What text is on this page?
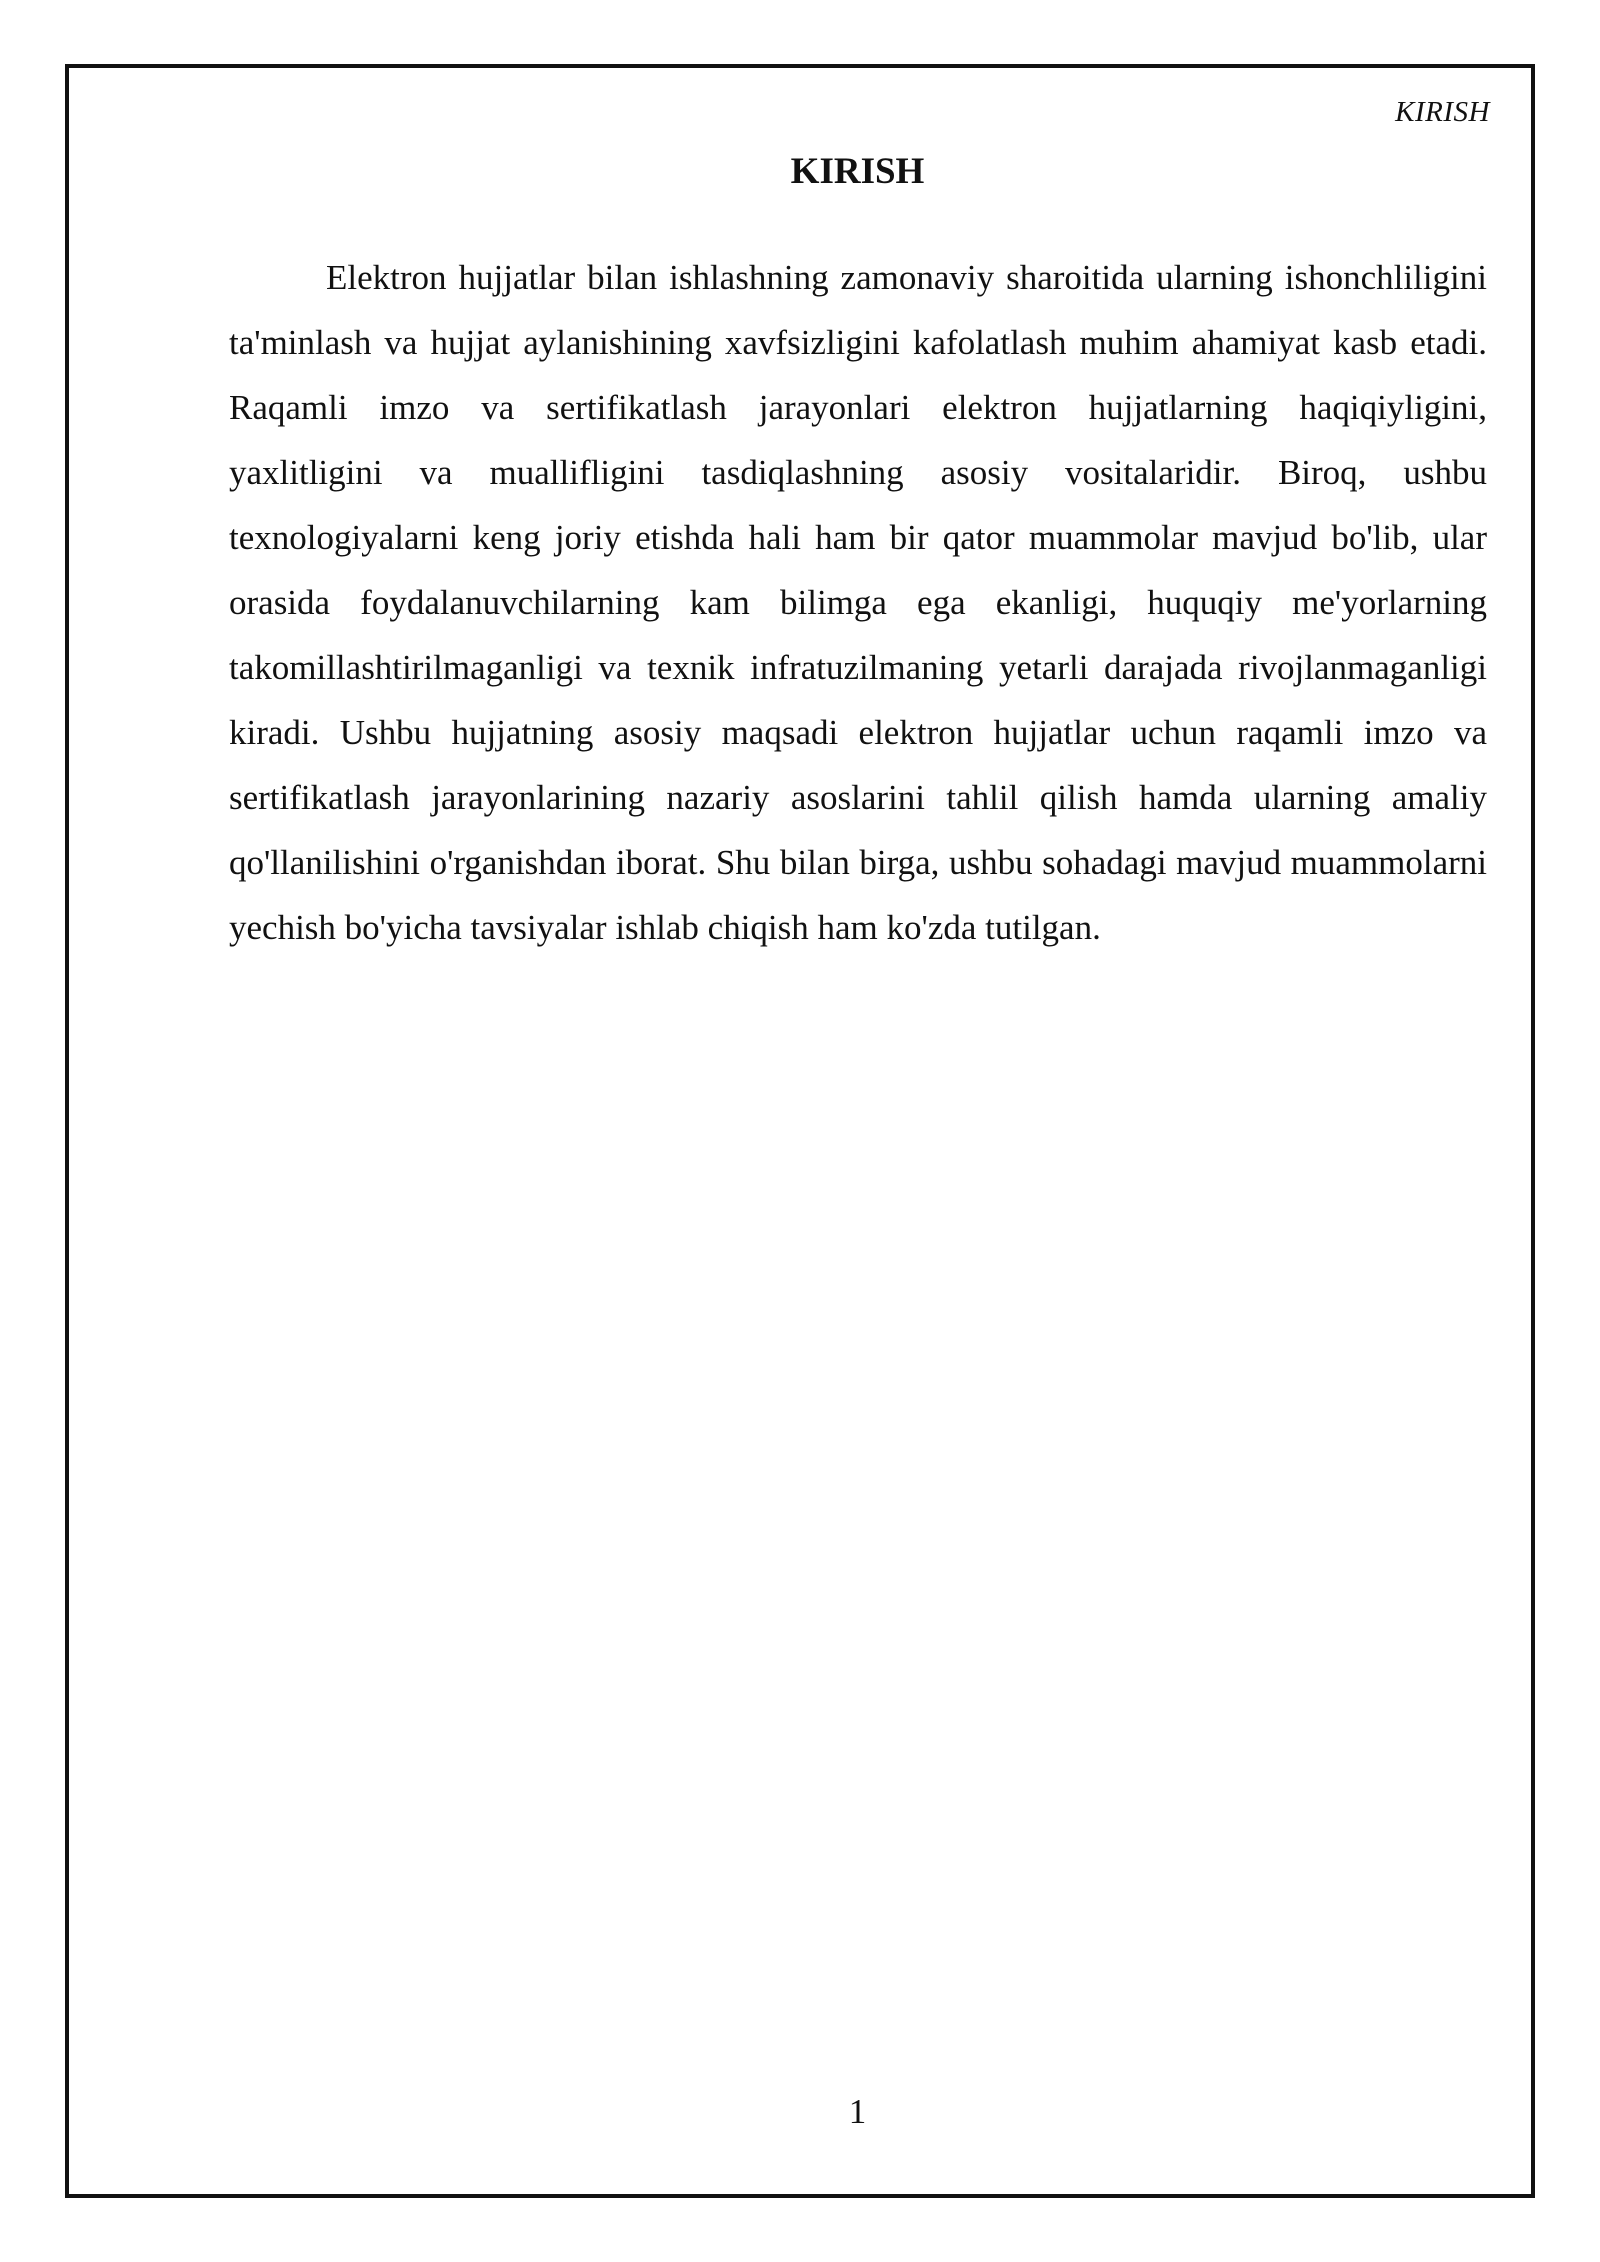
KIRISH
KIRISH

Elektron hujjatlar bilan ishlashning zamonaviy sharoitida ularning ishonchliligini ta'minlash va hujjat aylanishining xavfsizligini kafolatlash muhim ahamiyat kasb etadi. Raqamli imzo va sertifikatlash jarayonlari elektron hujjatlarning haqiqiyligini, yaxlitligini va muallifligini tasdiqlashning asosiy vositalaridir. Biroq, ushbu texnologiyalarni keng joriy etishda hali ham bir qator muammolar mavjud bo'lib, ular orasida foydalanuvchilarning kam bilimga ega ekanligi, huquqiy me'yorlarning takomillashtirilmaganligi va texnik infratuzilmaning yetarli darajada rivojlanmaganligi kiradi. Ushbu hujjatning asosiy maqsadi elektron hujjatlar uchun raqamli imzo va sertifikatlash jarayonlarining nazariy asoslarini tahlil qilish hamda ularning amaliy qo'llanilishini o'rganishdan iborat. Shu bilan birga, ushbu sohadagi mavjud muammolarni yechish bo'yicha tavsiyalar ishlab chiqish ham ko'zda tutilgan.

1
